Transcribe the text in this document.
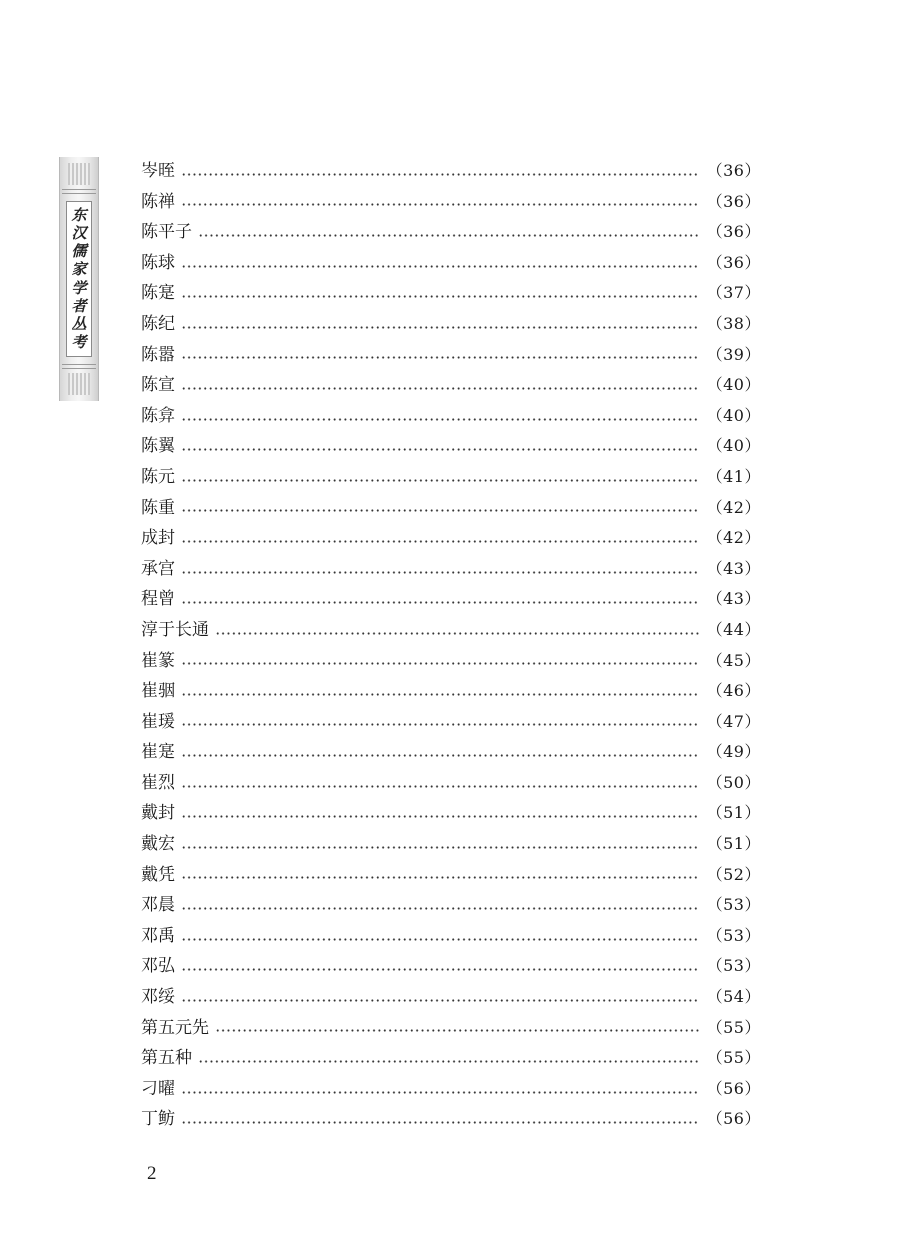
东
汉
儒
家
学
者
丛
考
岑晊	（36）
陈禅	（36）
陈平子	（36）
陈球	（36）
陈寔	（37）
陈纪	（38）
陈嚣	（39）
陈宣	（40）
陈弇	（40）
陈翼	（40）
陈元	（41）
陈重	（42）
成封	（42）
承宫	（43）
程曾	（43）
淳于长通	（44）
崔篆	（45）
崔骃	（46）
崔瑗	（47）
崔寔	（49）
崔烈	（50）
戴封	（51）
戴宏	（51）
戴凭	（52）
邓晨	（53）
邓禹	（53）
邓弘	（53）
邓绥	（54）
第五元先	（55）
第五种	（55）
刁曜	（56）
丁鲂	（56）
2
